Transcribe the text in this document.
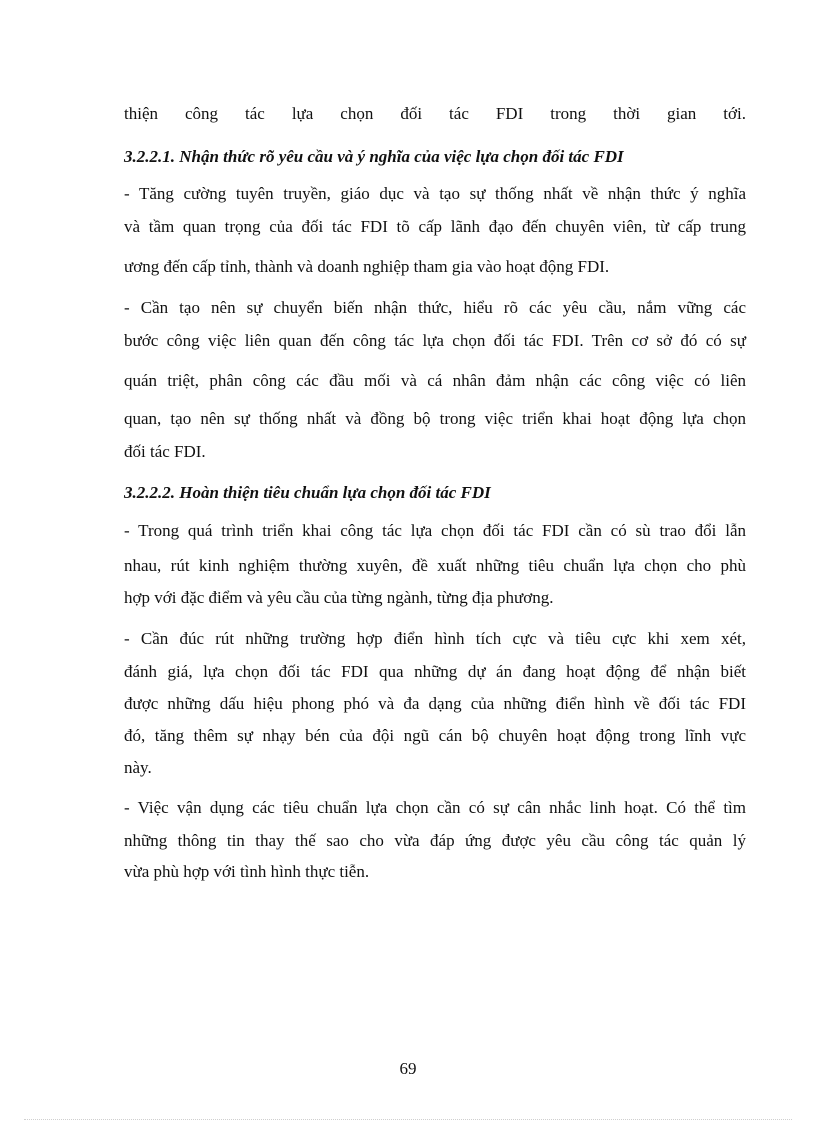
thiện công tác lựa chọn đối tác FDI trong thời gian tới.
3.2.2.1. Nhận thức rõ yêu cầu và ý nghĩa của việc lựa chọn đối tác FDI
- Tăng cường tuyên truyền, giáo dục và tạo sự thống nhất về nhận thức ý nghĩa
và tầm quan trọng của đối tác FDI tõ cấp lãnh đạo đến chuyên viên, từ cấp trung
ương đến cấp tỉnh, thành và doanh nghiệp tham gia vào hoạt động FDI.
- Cần tạo nên sự chuyển biến nhận thức, hiểu rõ các yêu cầu, nắm vững các
bước công việc liên quan đến công tác lựa chọn đối tác FDI. Trên cơ sở đó có sự
quán triệt, phân công các đầu mối và cá nhân đảm nhận các công việc có liên
quan, tạo nên sự thống nhất và đồng bộ trong việc triển khai hoạt động lựa chọn
đối tác FDI.
3.2.2.2. Hoàn thiện tiêu chuẩn lựa chọn đối tác FDI
- Trong quá trình triển khai công tác lựa chọn đối tác FDI cần có sù trao đổi lẫn
nhau, rút kinh nghiệm thường xuyên, đề xuất những tiêu chuẩn lựa chọn cho phù
hợp với đặc điểm và yêu cầu của từng ngành, từng địa phương.
- Cần đúc rút những trường hợp điển hình tích cực và tiêu cực khi xem xét,
đánh giá, lựa chọn đối tác FDI qua những dự án đang hoạt động để nhận biết
được những dấu hiệu phong phó và đa dạng của những điển hình về đối tác FDI
đó, tăng thêm sự nhạy bén của đội ngũ cán bộ chuyên hoạt động trong lĩnh vực
này.
- Việc vận dụng các tiêu chuẩn lựa chọn cần có sự cân nhắc linh hoạt. Có thể tìm
những thông tin thay thế sao cho vừa đáp ứng được yêu cầu công tác quản lý
vừa phù hợp với tình hình thực tiễn.
69
